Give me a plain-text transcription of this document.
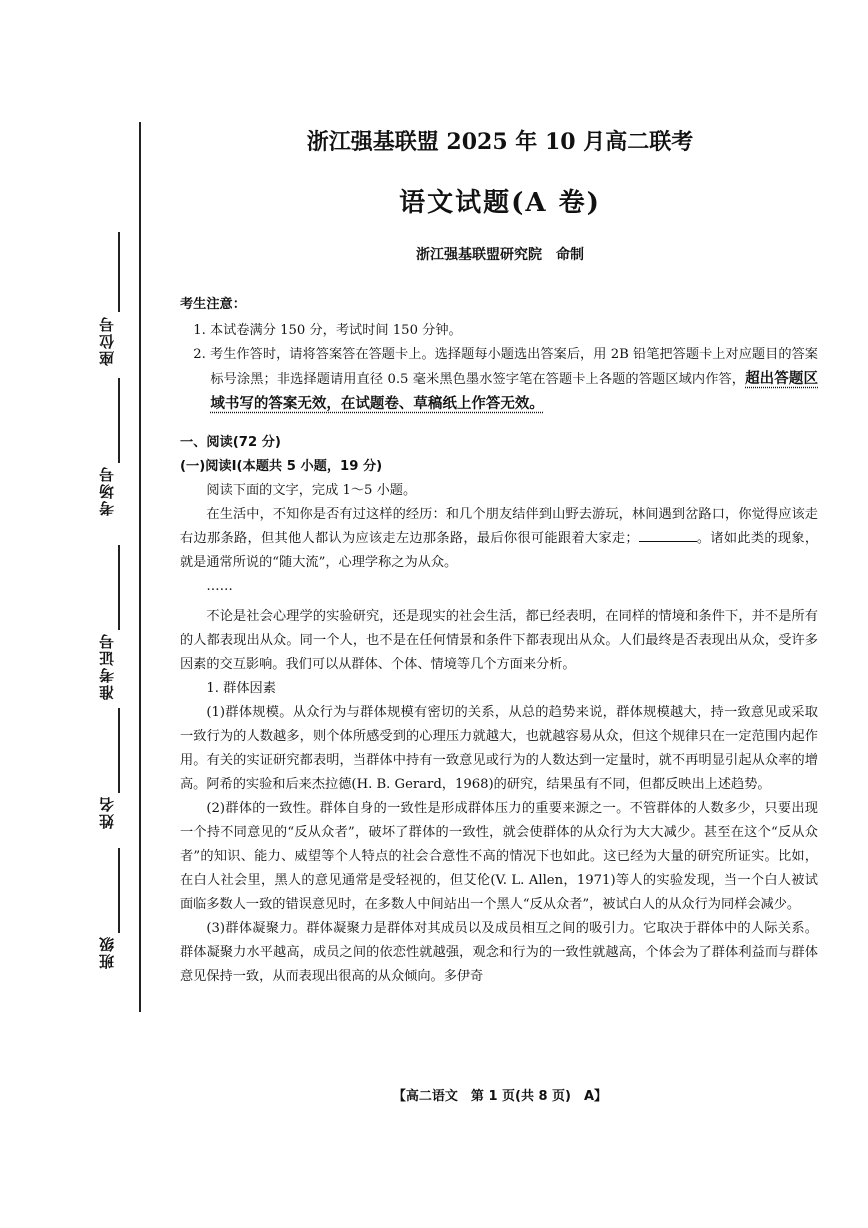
座位号
考场号
准考证号
姓名
班级
浙江强基联盟 2025 年 10 月高二联考
语文试题(A 卷)
浙江强基联盟研究院　命制

考生注意：

1. 本试卷满分 150 分，考试时间 150 分钟。

2. 考生作答时，请将答案答在答题卡上。选择题每小题选出答案后，用 2B 铅笔把答题卡上对应题目的答案标号涂黑；非选择题请用直径 0.5 毫米黑色墨水签字笔在答题卡上各题的答题区域内作答，超出答题区域书写的答案无效，在试题卷、草稿纸上作答无效。

一、阅读(72 分)

(一)阅读Ⅰ(本题共 5 小题，19 分)

阅读下面的文字，完成 1～5 小题。

在生活中，不知你是否有过这样的经历：和几个朋友结伴到山野去游玩，林间遇到岔路口，你觉得应该走右边那条路，但其他人都认为应该走左边那条路，最后你很可能跟着大家走；	。诸如此类的现象，就是通常所说的“随大流”，心理学称之为从众。

……

不论是社会心理学的实验研究，还是现实的社会生活，都已经表明，在同样的情境和条件下，并不是所有的人都表现出从众。同一个人，也不是在任何情景和条件下都表现出从众。人们最终是否表现出从众，受许多因素的交互影响。我们可以从群体、个体、情境等几个方面来分析。

1. 群体因素

(1)群体规模。从众行为与群体规模有密切的关系，从总的趋势来说，群体规模越大，持一致意见或采取一致行为的人数越多，则个体所感受到的心理压力就越大，也就越容易从众，但这个规律只在一定范围内起作用。有关的实证研究都表明，当群体中持有一致意见或行为的人数达到一定量时，就不再明显引起从众率的增高。阿希的实验和后来杰拉德(H. B. Gerard，1968)的研究，结果虽有不同，但都反映出上述趋势。

(2)群体的一致性。群体自身的一致性是形成群体压力的重要来源之一。不管群体的人数多少，只要出现一个持不同意见的“反从众者”，破坏了群体的一致性，就会使群体的从众行为大大减少。甚至在这个“反从众者”的知识、能力、威望等个人特点的社会合意性不高的情况下也如此。这已经为大量的研究所证实。比如，在白人社会里，黑人的意见通常是受轻视的，但艾伦(V. L. Allen，1971)等人的实验发现，当一个白人被试面临多数人一致的错误意见时，在多数人中间站出一个黑人“反从众者”，被试白人的从众行为同样会减少。

(3)群体凝聚力。群体凝聚力是群体对其成员以及成员相互之间的吸引力。它取决于群体中的人际关系。群体凝聚力水平越高，成员之间的依恋性就越强，观念和行为的一致性就越高，个体会为了群体利益而与群体意见保持一致，从而表现出很高的从众倾向。多伊奇

【高二语文　第 1 页(共 8 页)　A】
